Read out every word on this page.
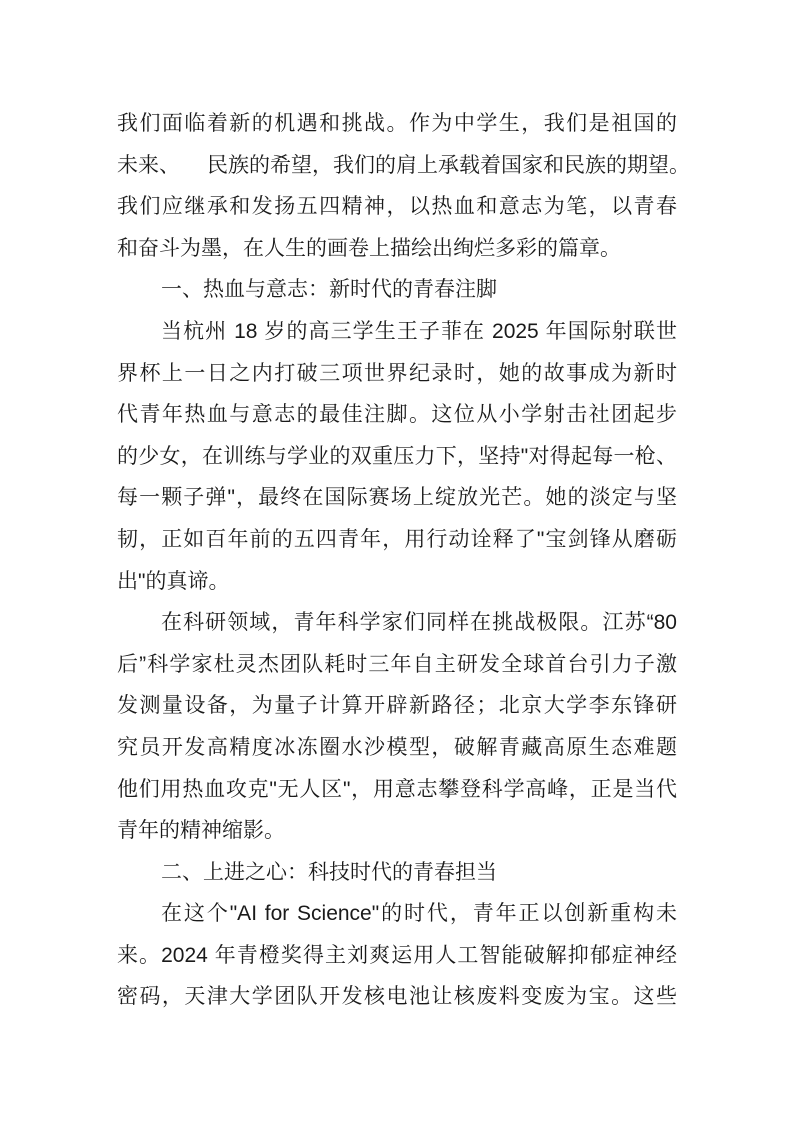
我们面临着新的机遇和挑战。作为中学生，我们是祖国的
未来、 民族的希望，我们的肩上承载着国家和民族的期望。
我们应继承和发扬五四精神，以热血和意志为笔，以青春
和奋斗为墨，在人生的画卷上描绘出绚烂多彩的篇章。
一、热血与意志：新时代的青春注脚
当杭州 18 岁的高三学生王子菲在 2025 年国际射联世
界杯上一日之内打破三项世界纪录时，她的故事成为新时
代青年热血与意志的最佳注脚。这位从小学射击社团起步
的少女，在训练与学业的双重压力下，坚持"对得起每一枪、
每一颗子弹"，最终在国际赛场上绽放光芒。她的淡定与坚
韧，正如百年前的五四青年，用行动诠释了"宝剑锋从磨砺
出"的真谛。
在科研领域，青年科学家们同样在挑战极限。江苏“80
后”科学家杜灵杰团队耗时三年自主研发全球首台引力子激
发测量设备，为量子计算开辟新路径；北京大学李东锋研
究员开发高精度冰冻圈水沙模型，破解青藏高原生态难题
他们用热血攻克"无人区"，用意志攀登科学高峰，正是当代
青年的精神缩影。
二、上进之心：科技时代的青春担当
在这个"AI for Science"的时代，青年正以创新重构未
来。2024 年青橙奖得主刘爽运用人工智能破解抑郁症神经
密码，天津大学团队开发核电池让核废料变废为宝。这些
